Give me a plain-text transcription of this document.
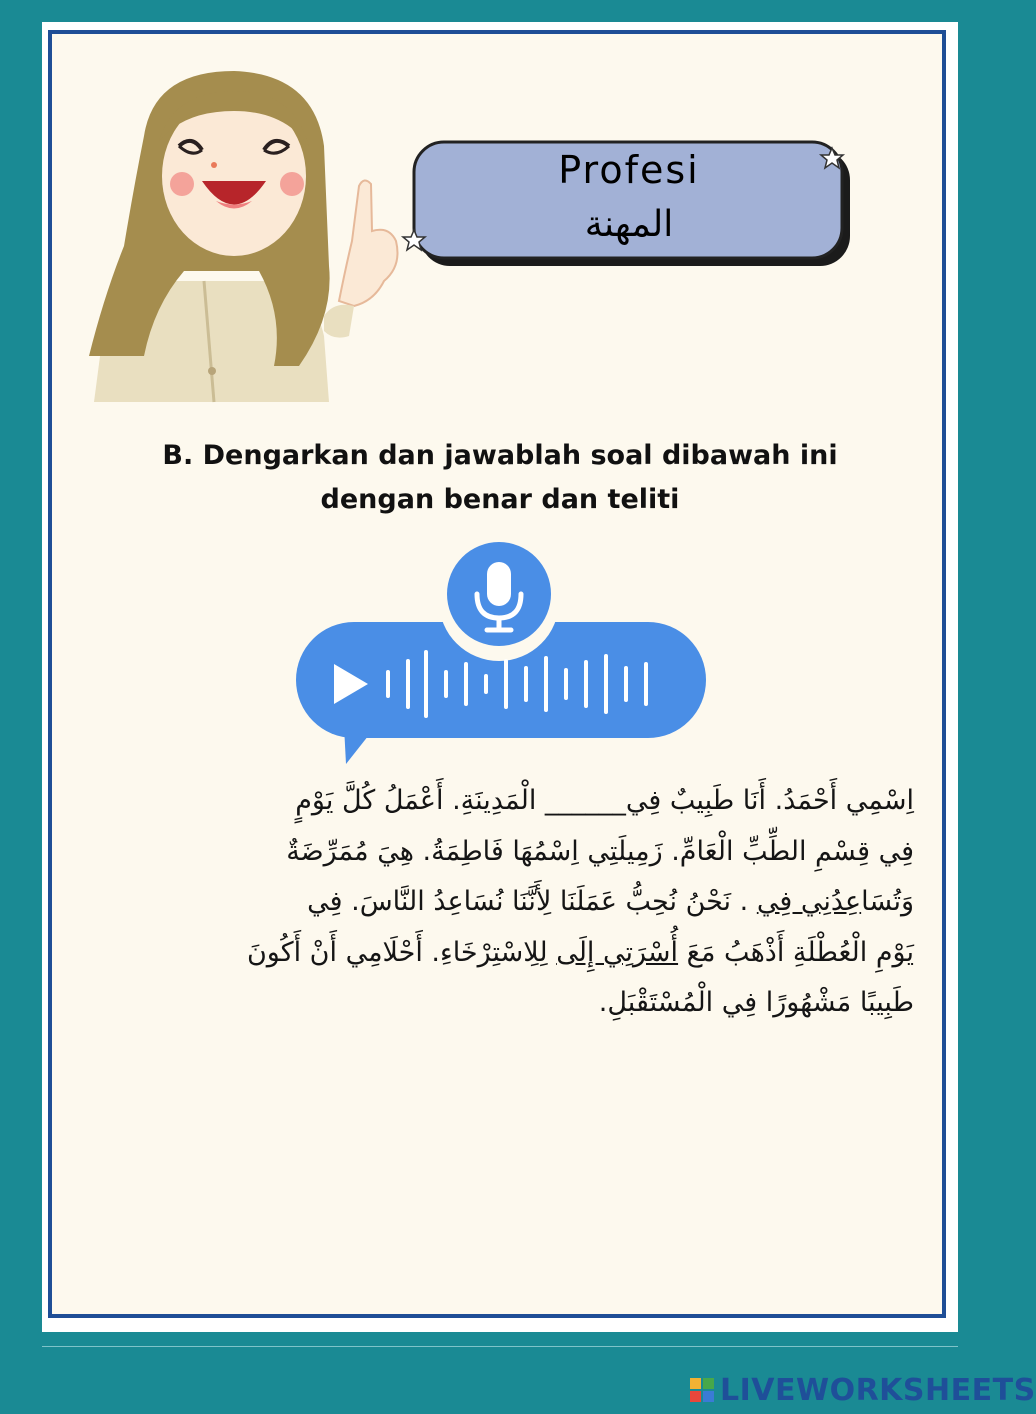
Profesi
المهنة
B. Dengarkan dan jawablah soal dibawah ini
dengan benar dan teliti

اِسْمِي أَحْمَدُ. أَنَا طَبِيبٌ فِي______ الْمَدِينَةِ. أَعْمَلُ كُلَّ يَوْمٍ

فِي قِسْمِ الطِّبِّ الْعَامِّ. زَمِيلَتِي اِسْمُهَا فَاطِمَةُ. هِيَ مُمَرِّضَةٌ

وَتُسَاعِدُنِي فِي . نَحْنُ نُحِبُّ عَمَلَنَا لِأَنَّنَا نُسَاعِدُ النَّاسَ. فِي

يَوْمِ الْعُطْلَةِ أَذْهَبُ مَعَ أُسْرَتِي إِلَى لِلِاسْتِرْخَاءِ. أَحْلَامِي أَنْ أَكُونَ

طَبِيبًا مَشْهُورًا فِي الْمُسْتَقْبَلِ.

LIVEWORKSHEETS
